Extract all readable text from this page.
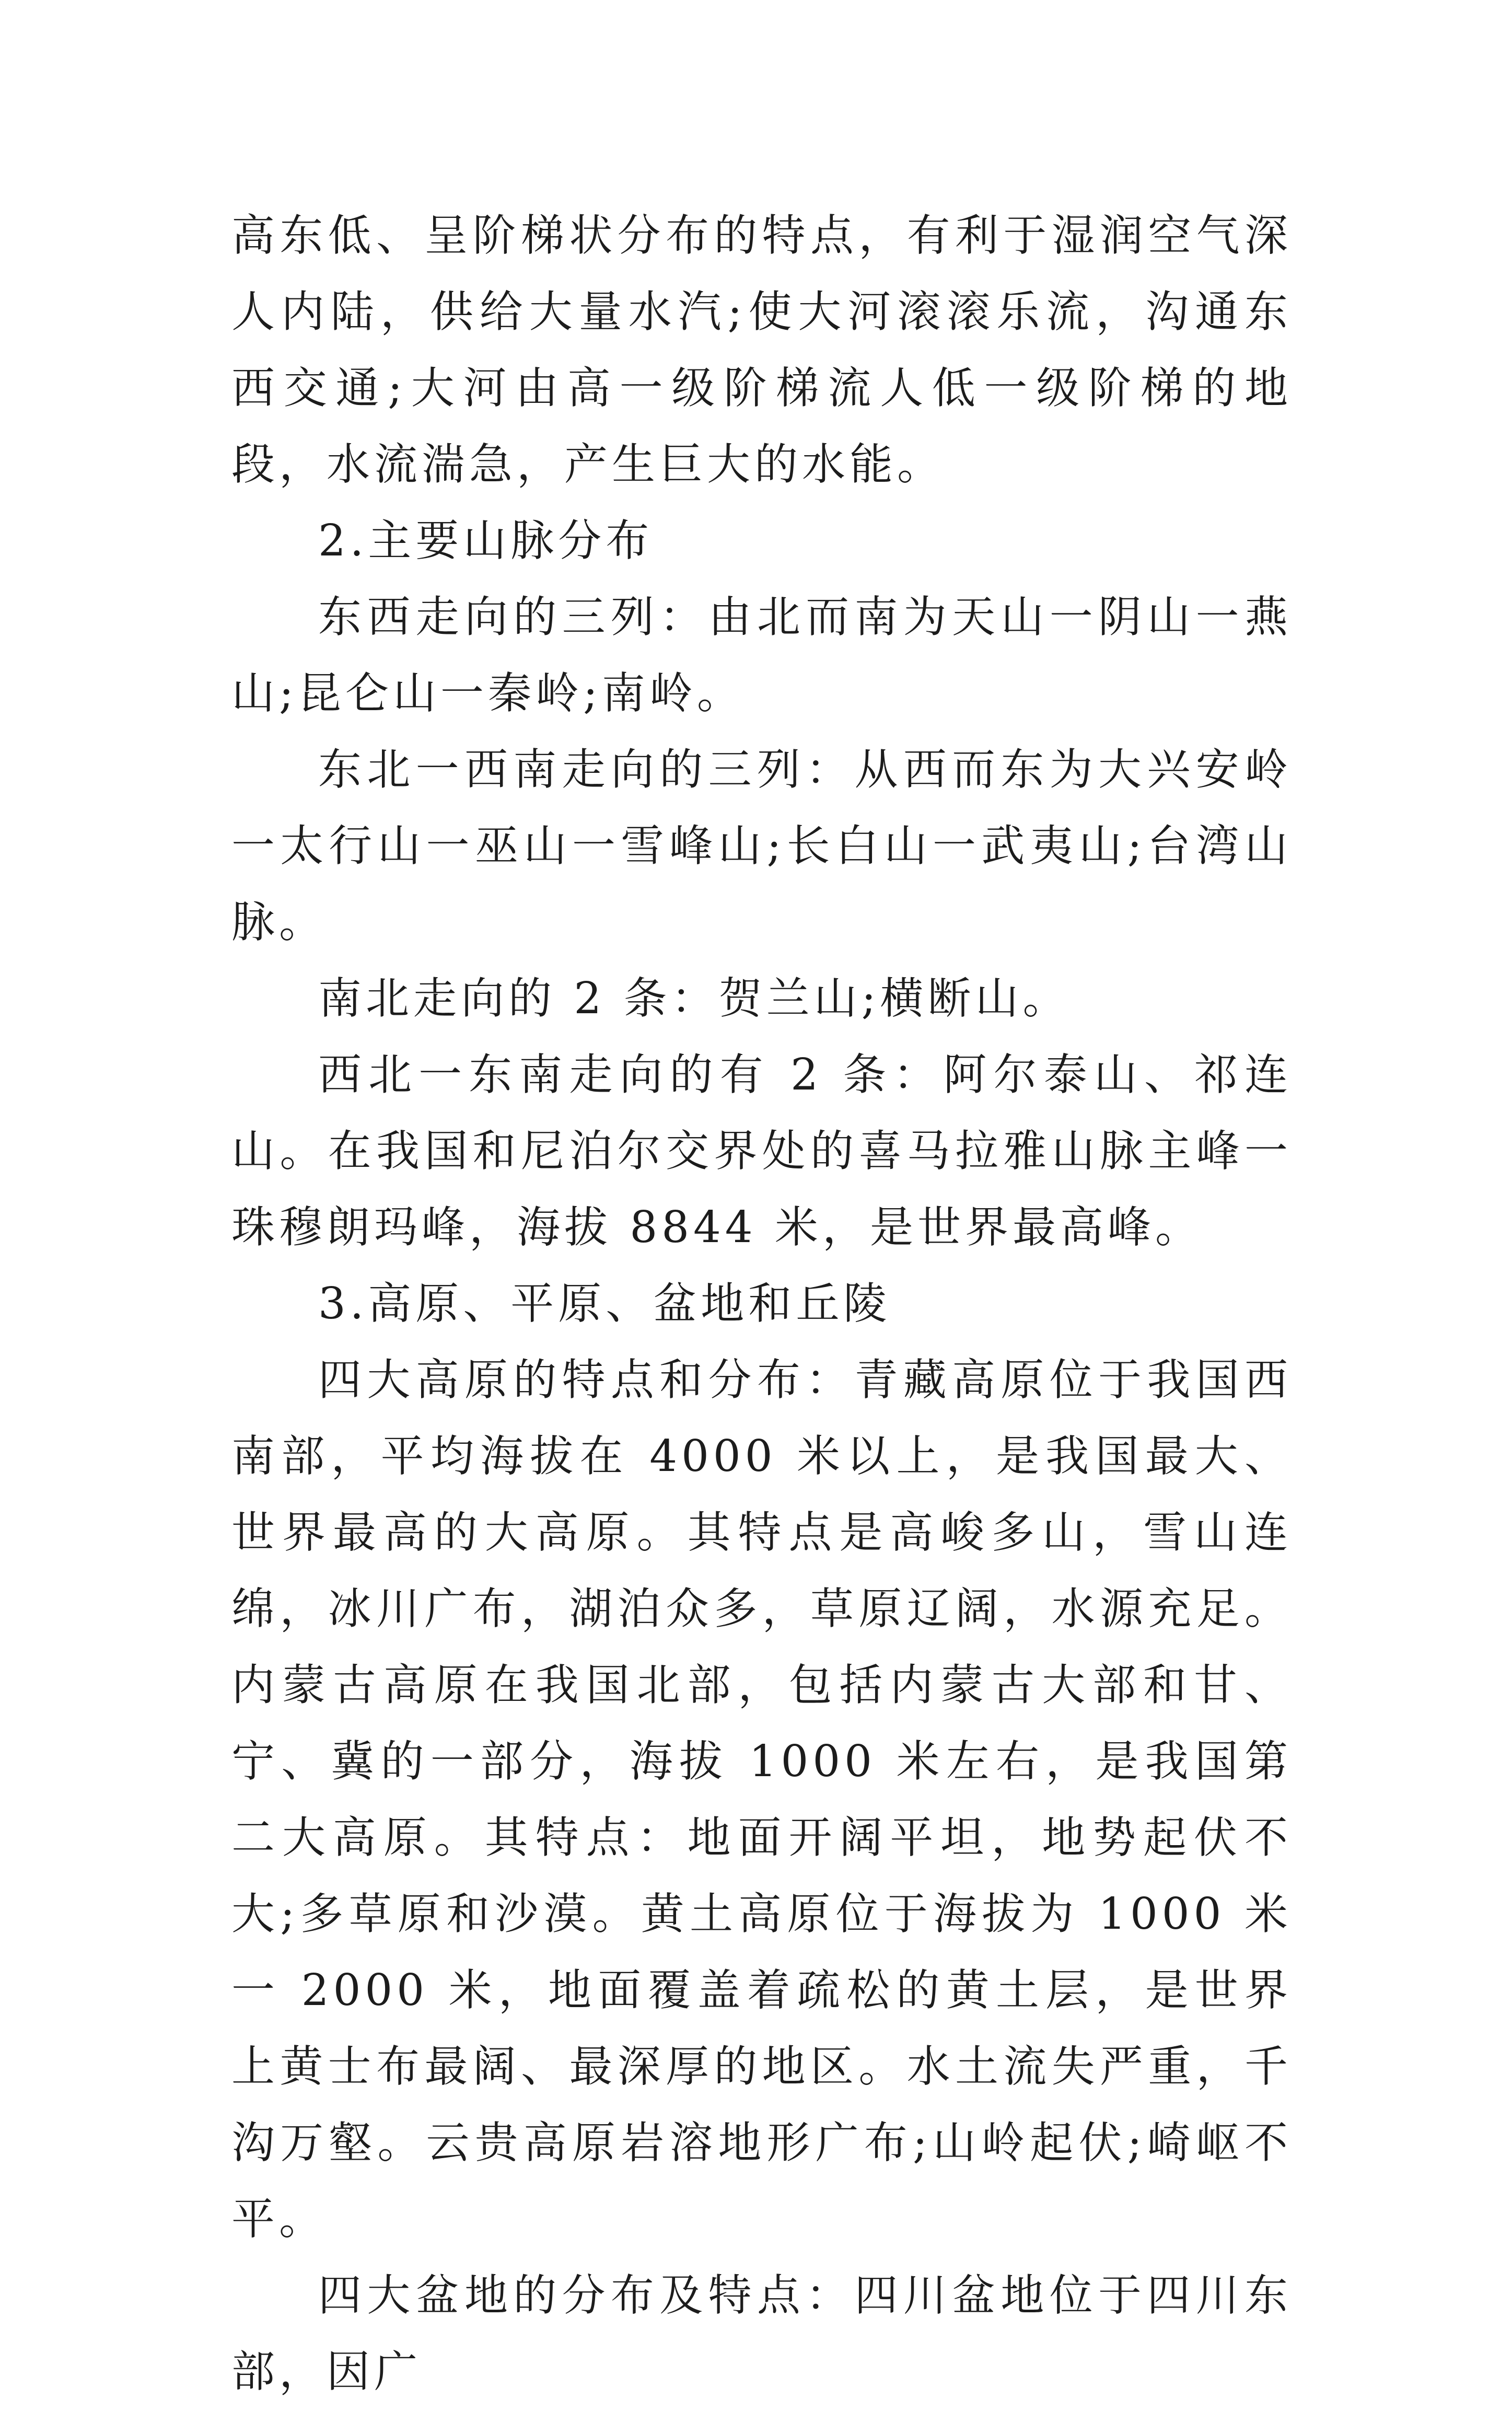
高东低、呈阶梯状分布的特点，有利于湿润空气深人内陆，供给大量水汽;使大河滚滚乐流，沟通东西交通;大河由高一级阶梯流人低一级阶梯的地段，水流湍急，产生巨大的水能。

2.主要山脉分布

东西走向的三列：由北而南为天山一阴山一燕山;昆仑山一秦岭;南岭。

东北一西南走向的三列：从西而东为大兴安岭一太行山一巫山一雪峰山;长白山一武夷山;台湾山脉。

南北走向的 2 条：贺兰山;横断山。

西北一东南走向的有 2 条：阿尔泰山、祁连山。在我国和尼泊尔交界处的喜马拉雅山脉主峰一珠穆朗玛峰，海拔 8844 米，是世界最高峰。

3.高原、平原、盆地和丘陵

四大高原的特点和分布：青藏高原位于我国西南部，平均海拔在 4000 米以上，是我国最大、世界最高的大高原。其特点是高峻多山，雪山连绵，冰川广布，湖泊众多，草原辽阔，水源充足。内蒙古高原在我国北部，包括内蒙古大部和甘、宁、冀的一部分，海拔 1000 米左右，是我国第二大高原。其特点：地面开阔平坦，地势起伏不大;多草原和沙漠。黄土高原位于海拔为 1000 米一 2000 米，地面覆盖着疏松的黄土层，是世界上黄士布最阔、最深厚的地区。水土流失严重，千沟万壑。云贵高原岩溶地形广布;山岭起伏;崎岖不平。

四大盆地的分布及特点：四川盆地位于四川东部，因广
